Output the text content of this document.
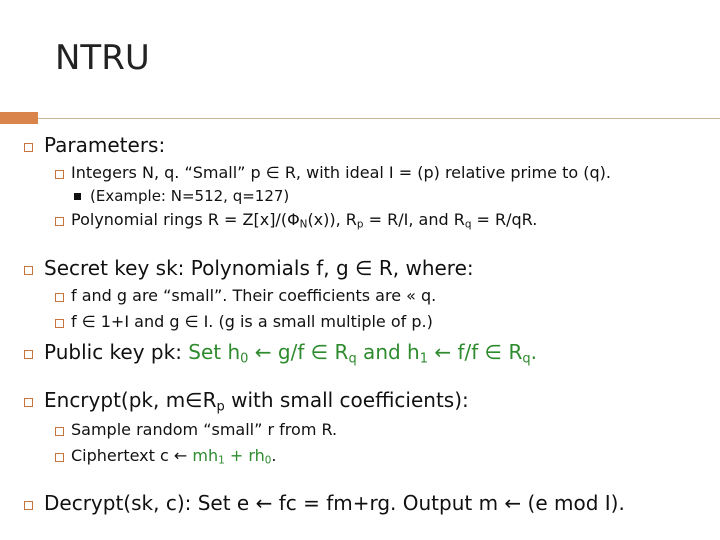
NTRU
Parameters:
Integers N, q. “Small” p ∈ R, with ideal I = (p) relative prime to (q).
(Example: N=512, q=127)
Polynomial rings $R = Z[x]/(\Phi_N(x))$, $R_p = R/I$, and $R_q = R/qR$.
Secret key sk: Polynomials f, g ∈ R, where:
f and g are “small”. Their coefficients are « q.
f ∈ 1+I and g ∈ I. (g is a small multiple of p.)
Public key pk: Set $h_0$ ← g/f ∈ $R_q$ and $h_1$ ← f/f ∈ $R_q$.
Encrypt(pk, $m\in R_p$ with small coefficients):
Sample random “small” r from R.
Ciphertext c ← $mh_1 + rh_0$.
Decrypt(sk, c): Set e ← fc = fm+rg. Output m ← (e mod I).
